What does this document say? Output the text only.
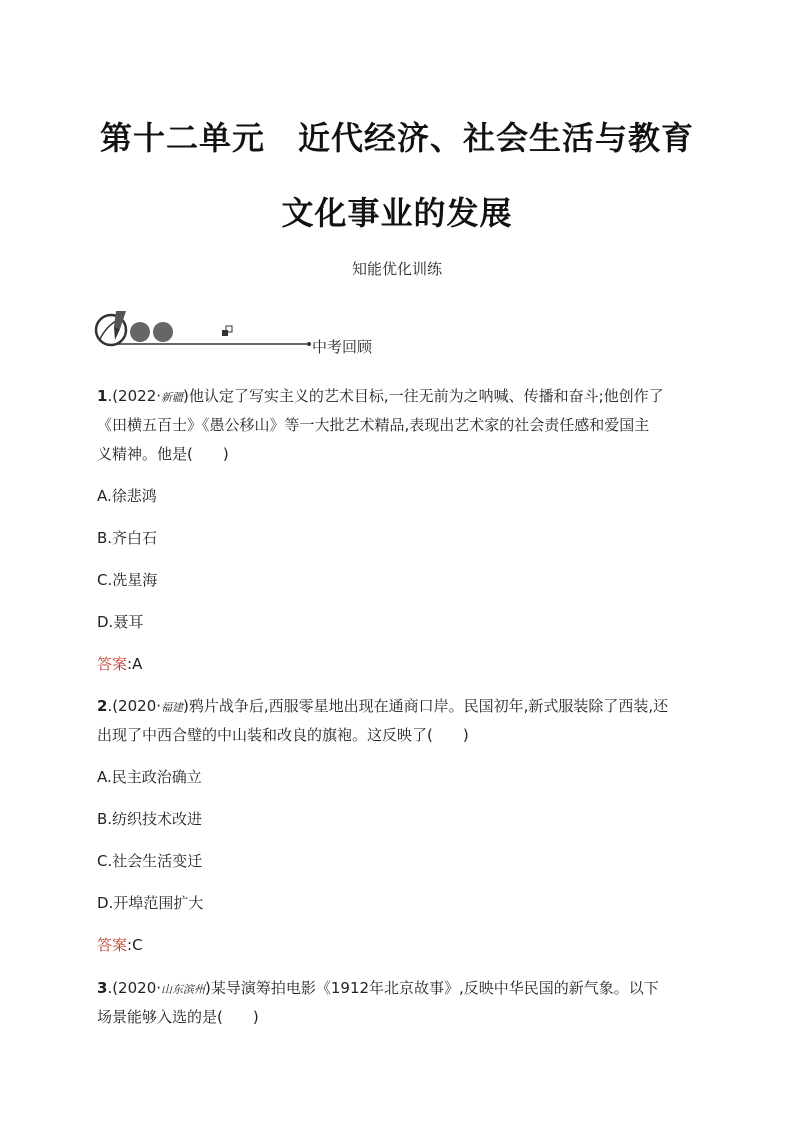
第十二单元　近代经济、社会生活与教育
文化事业的发展
知能优化训练
中考回顾
1.(2022·新疆)他认定了写实主义的艺术目标,一往无前为之呐喊、传播和奋斗;他创作了
《田横五百士》《愚公移山》等一大批艺术精品,表现出艺术家的社会责任感和爱国主
义精神。他是(　　)
A.徐悲鸿
B.齐白石
C.冼星海
D.聂耳
答案:A
2.(2020·福建)鸦片战争后,西服零星地出现在通商口岸。民国初年,新式服装除了西装,还
出现了中西合璧的中山装和改良的旗袍。这反映了(　　)
A.民主政治确立
B.纺织技术改进
C.社会生活变迁
D.开埠范围扩大
答案:C
3.(2020·山东滨州)某导演筹拍电影《1912年北京故事》,反映中华民国的新气象。以下
场景能够入选的是(　　)
